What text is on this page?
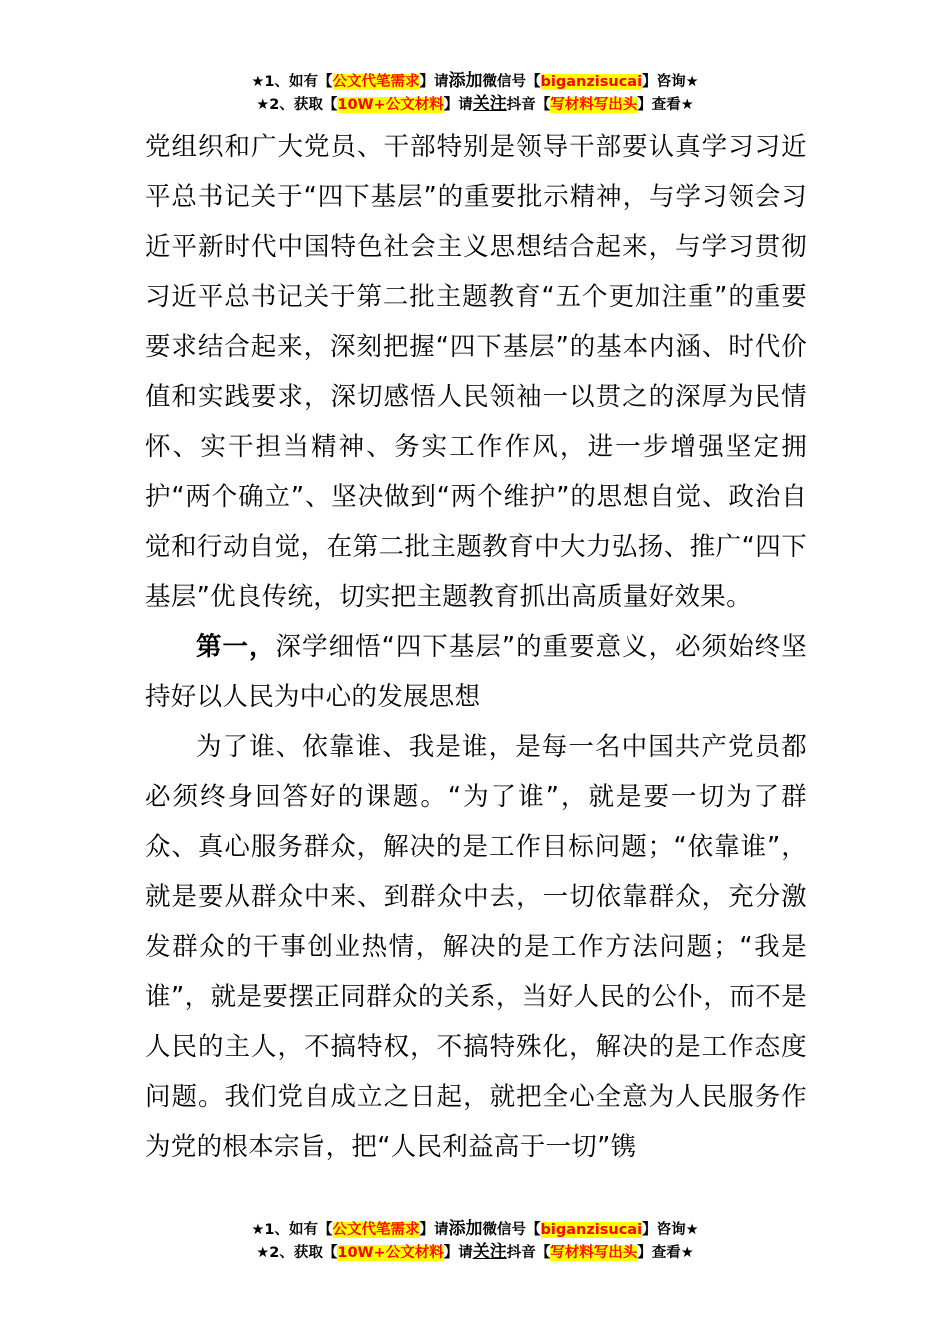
★1、如有【公文代笔需求】请添加微信号【biganzisucai】咨询★
★2、获取【10W+公文材料】请关注抖音【写材料写出头】查看★

党组织和广大党员、干部特别是领导干部要认真学习习近平总书记关于“四下基层”的重要批示精神，与学习领会习近平新时代中国特色社会主义思想结合起来，与学习贯彻习近平总书记关于第二批主题教育“五个更加注重”的重要要求结合起来，深刻把握“四下基层”的基本内涵、时代价值和实践要求，深切感悟人民领袖一以贯之的深厚为民情怀、实干担当精神、务实工作作风，进一步增强坚定拥护“两个确立”、坚决做到“两个维护”的思想自觉、政治自觉和行动自觉，在第二批主题教育中大力弘扬、推广“四下基层”优良传统，切实把主题教育抓出高质量好效果。

第一，深学细悟“四下基层”的重要意义，必须始终坚持好以人民为中心的发展思想

为了谁、依靠谁、我是谁，是每一名中国共产党员都必须终身回答好的课题。“为了谁”，就是要一切为了群众、真心服务群众，解决的是工作目标问题；“依靠谁”，就是要从群众中来、到群众中去，一切依靠群众，充分激发群众的干事创业热情，解决的是工作方法问题；“我是谁”，就是要摆正同群众的关系，当好人民的公仆，而不是人民的主人，不搞特权，不搞特殊化，解决的是工作态度问题。我们党自成立之日起，就把全心全意为人民服务作为党的根本宗旨，把“人民利益高于一切”镌

★1、如有【公文代笔需求】请添加微信号【biganzisucai】咨询★
★2、获取【10W+公文材料】请关注抖音【写材料写出头】查看★
